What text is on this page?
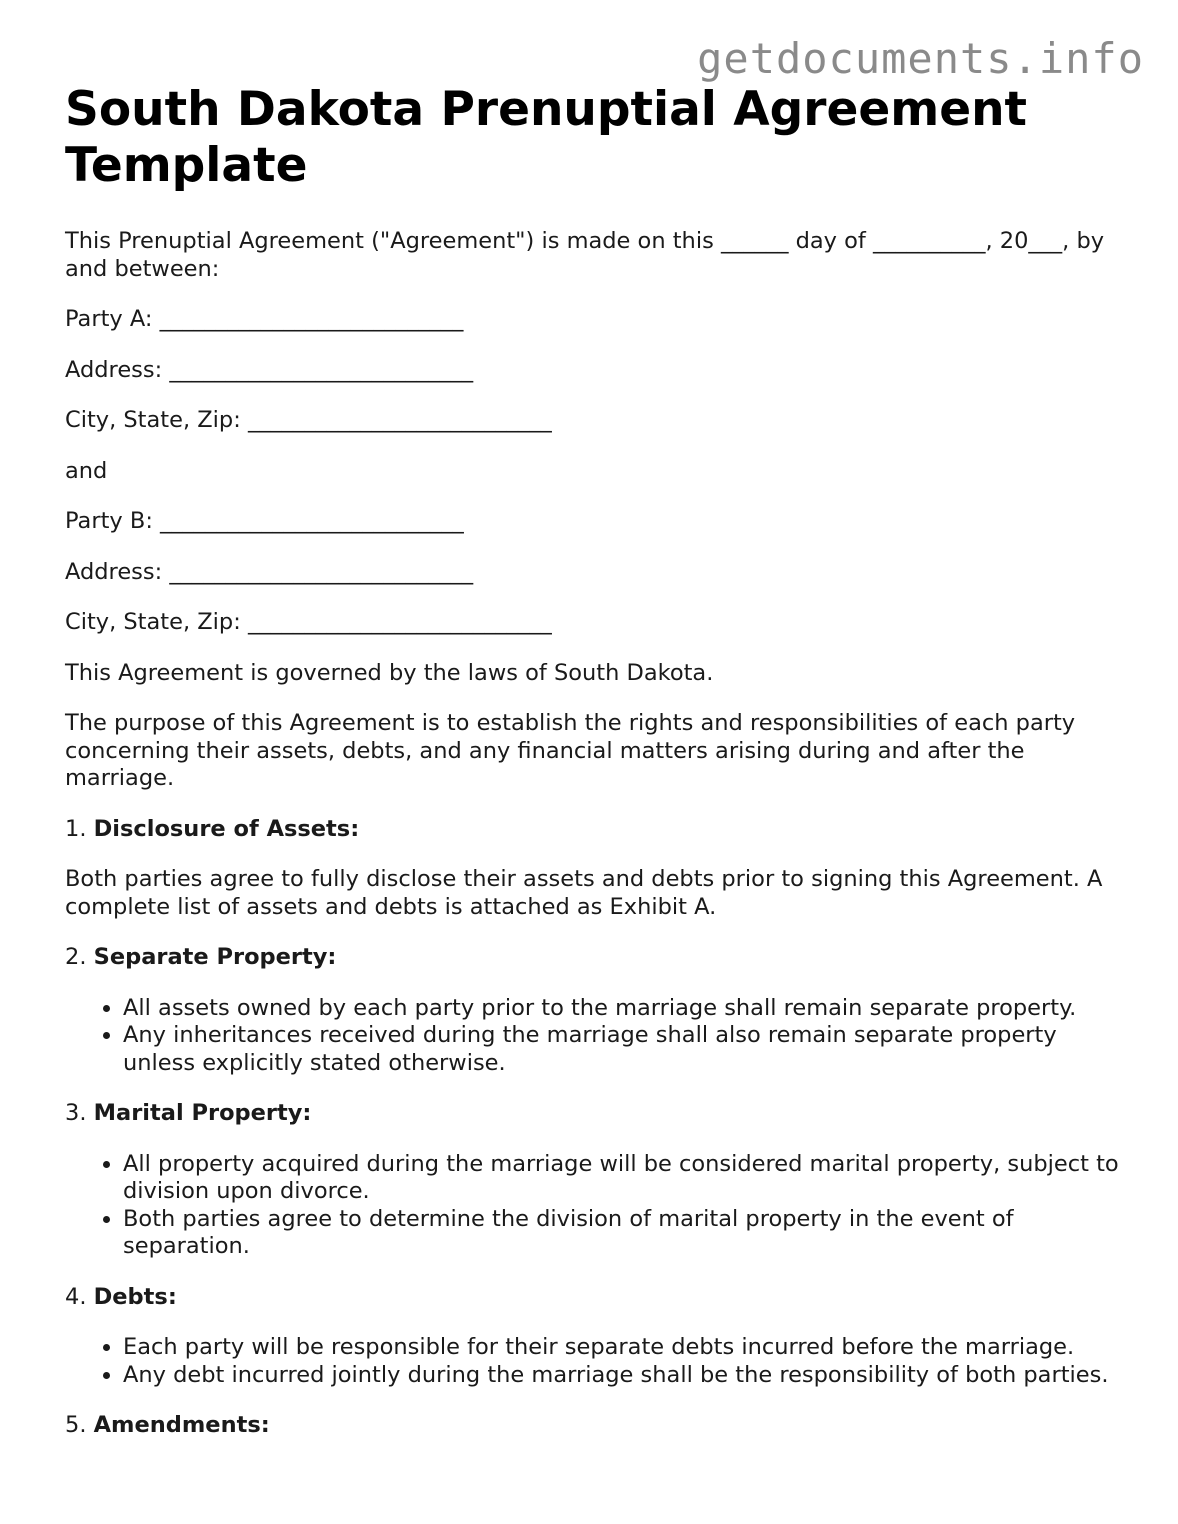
getdocuments.info
South Dakota Prenuptial Agreement Template

This Prenuptial Agreement ("Agreement") is made on this ______ day of __________, 20___, by and between:

Party A: ___________________________

Address: ___________________________

City, State, Zip: ___________________________

and

Party B: ___________________________

Address: ___________________________

City, State, Zip: ___________________________

This Agreement is governed by the laws of South Dakota.

The purpose of this Agreement is to establish the rights and responsibilities of each party concerning their assets, debts, and any financial matters arising during and after the marriage.

1. Disclosure of Assets:

Both parties agree to fully disclose their assets and debts prior to signing this Agreement. A complete list of assets and debts is attached as Exhibit A.

2. Separate Property:

• All assets owned by each party prior to the marriage shall remain separate property.
• Any inheritances received during the marriage shall also remain separate property unless explicitly stated otherwise.

3. Marital Property:

• All property acquired during the marriage will be considered marital property, subject to division upon divorce.
• Both parties agree to determine the division of marital property in the event of separation.

4. Debts:

• Each party will be responsible for their separate debts incurred before the marriage.
• Any debt incurred jointly during the marriage shall be the responsibility of both parties.

5. Amendments:
